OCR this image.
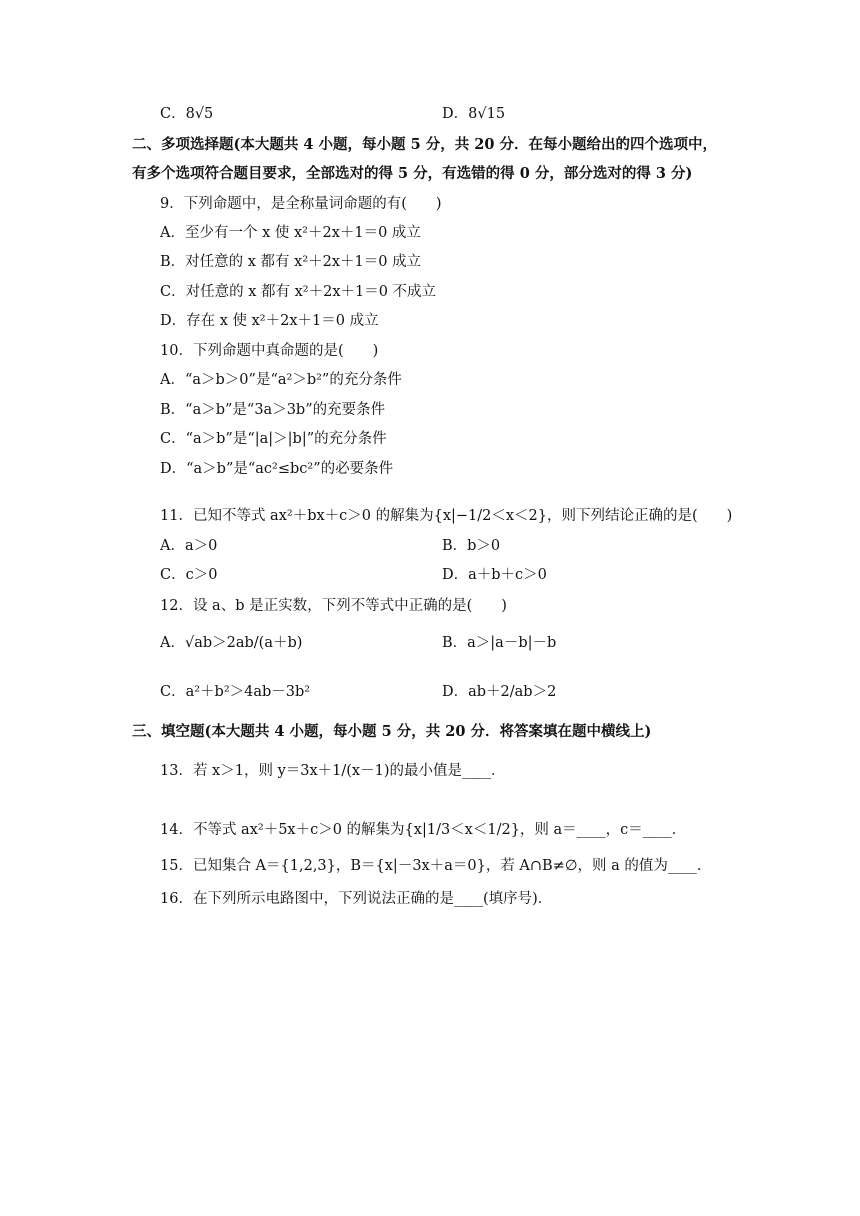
C．8√5	D．8√15
二、多项选择题(本大题共 4 小题，每小题 5 分，共 20 分．在每小题给出的四个选项中，
有多个选项符合题目要求，全部选对的得 5 分，有选错的得 0 分，部分选对的得 3 分)
9．下列命题中，是全称量词命题的有(　　)
A．至少有一个 x 使 x²＋2x＋1＝0 成立
B．对任意的 x 都有 x²＋2x＋1＝0 成立
C．对任意的 x 都有 x²＋2x＋1＝0 不成立
D．存在 x 使 x²＋2x＋1＝0 成立
10．下列命题中真命题的是(　　)
A．“a＞b＞0”是“a²＞b²”的充分条件
B．“a＞b”是“3a＞3b”的充要条件
C．“a＞b”是“|a|＞|b|”的充分条件
D．“a＞b”是“ac²≤bc²”的必要条件
11．已知不等式 ax²＋bx＋c＞0 的解集为{x|−1/2＜x＜2}，则下列结论正确的是(　　)
A．a＞0	B．b＞0
C．c＞0	D．a＋b＋c＞0
12．设 a、b 是正实数，下列不等式中正确的是(　　)
A．√ab＞2ab/(a＋b)	B．a＞|a－b|－b
C．a²＋b²＞4ab－3b²	D．ab＋2/ab＞2
三、填空题(本大题共 4 小题，每小题 5 分，共 20 分．将答案填在题中横线上)
13．若 x＞1，则 y＝3x＋1/(x－1)的最小值是____．
14．不等式 ax²＋5x＋c＞0 的解集为{x|1/3＜x＜1/2}，则 a＝____，c＝____．
15．已知集合 A＝{1,2,3}，B＝{x|－3x＋a＝0}，若 A∩B≠∅，则 a 的值为____．
16．在下列所示电路图中，下列说法正确的是____(填序号)．
